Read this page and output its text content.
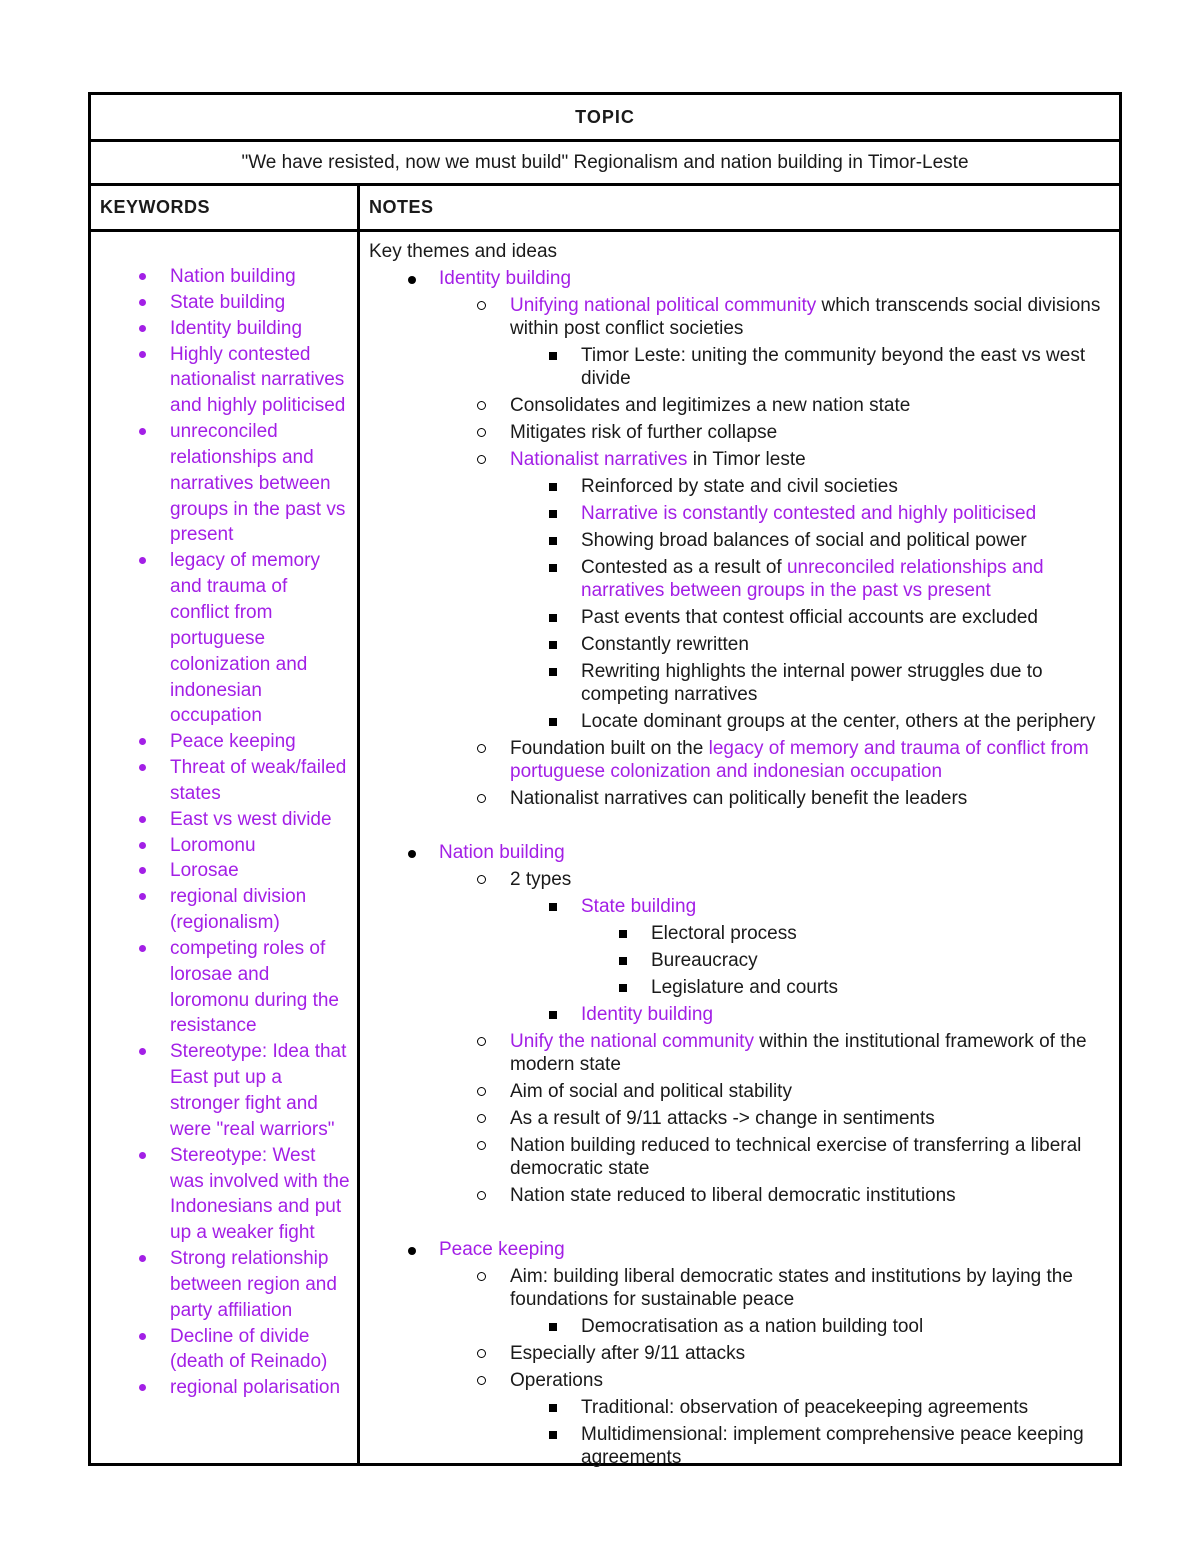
TOPIC
"We have resisted, now we must build" Regionalism and nation building in Timor-Leste
KEYWORDS	NOTES
Nation building
State building
Identity building
Highly contested nationalist narratives and highly politicised
unreconciled relationships and narratives between groups in the past vs present
legacy of memory and trauma of conflict from portuguese colonization and indonesian occupation
Peace keeping
Threat of weak/failed states
East vs west divide
Loromonu
Lorosae
regional division (regionalism)
competing roles of lorosae and loromonu during the resistance
Stereotype: Idea that East put up a stronger fight and were "real warriors"
Stereotype: West was involved with the Indonesians and put up a weaker fight
Strong relationship between region and party affiliation
Decline of divide (death of Reinado)
regional polarisation
Key themes and ideas
Identity building
Unifying national political community which transcends social divisions within post conflict societies
Timor Leste: uniting the community beyond the east vs west divide
Consolidates and legitimizes a new nation state
Mitigates risk of further collapse
Nationalist narratives in Timor leste
Reinforced by state and civil societies
Narrative is constantly contested and highly politicised
Showing broad balances of social and political power
Contested as a result of unreconciled relationships and narratives between groups in the past vs present
Past events that contest official accounts are excluded
Constantly rewritten
Rewriting highlights the internal power struggles due to competing narratives
Locate dominant groups at the center, others at the periphery
Foundation built on the legacy of memory and trauma of conflict from portuguese colonization and indonesian occupation
Nationalist narratives can politically benefit the leaders
Nation building
2 types
State building
Electoral process
Bureaucracy
Legislature and courts
Identity building
Unify the national community within the institutional framework of the modern state
Aim of social and political stability
As a result of 9/11 attacks -> change in sentiments
Nation building reduced to technical exercise of transferring a liberal democratic state
Nation state reduced to liberal democratic institutions
Peace keeping
Aim: building liberal democratic states and institutions by laying the foundations for sustainable peace
Democratisation as a nation building tool
Especially after 9/11 attacks
Operations
Traditional: observation of peacekeeping agreements
Multidimensional: implement comprehensive peace keeping agreements
